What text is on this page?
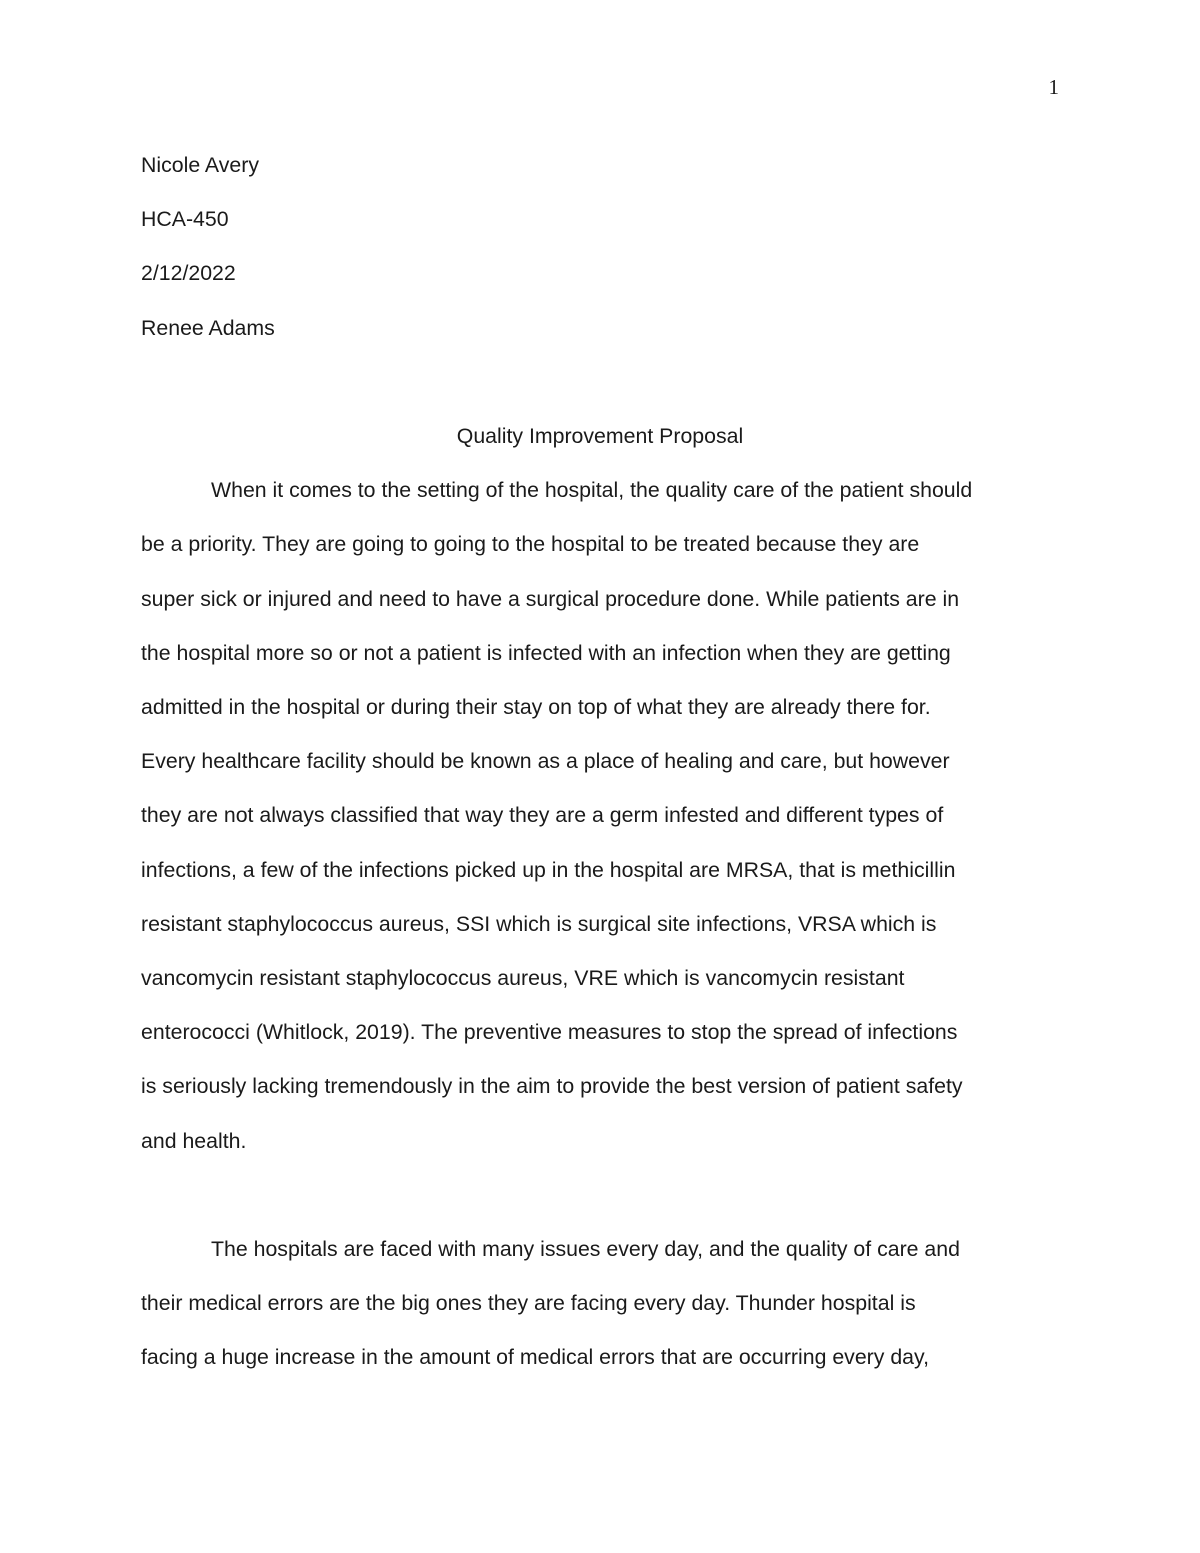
1
Nicole Avery
HCA-450
2/12/2022
Renee Adams
Quality Improvement Proposal
When it comes to the setting of the hospital, the quality care of the patient should
be a priority. They are going to going to the hospital to be treated because they are
super sick or injured and need to have a surgical procedure done. While patients are in
the hospital more so or not a patient is infected with an infection when they are getting
admitted in the hospital or during their stay on top of what they are already there for.
Every healthcare facility should be known as a place of healing and care, but however
they are not always classified that way they are a germ infested and different types of
infections, a few of the infections picked up in the hospital are MRSA, that is methicillin
resistant staphylococcus aureus, SSI which is surgical site infections, VRSA which is
vancomycin resistant staphylococcus aureus, VRE which is vancomycin resistant
enterococci (Whitlock, 2019). The preventive measures to stop the spread of infections
is seriously lacking tremendously in the aim to provide the best version of patient safety
and health.
The hospitals are faced with many issues every day, and the quality of care and
their medical errors are the big ones they are facing every day. Thunder hospital is
facing a huge increase in the amount of medical errors that are occurring every day,
